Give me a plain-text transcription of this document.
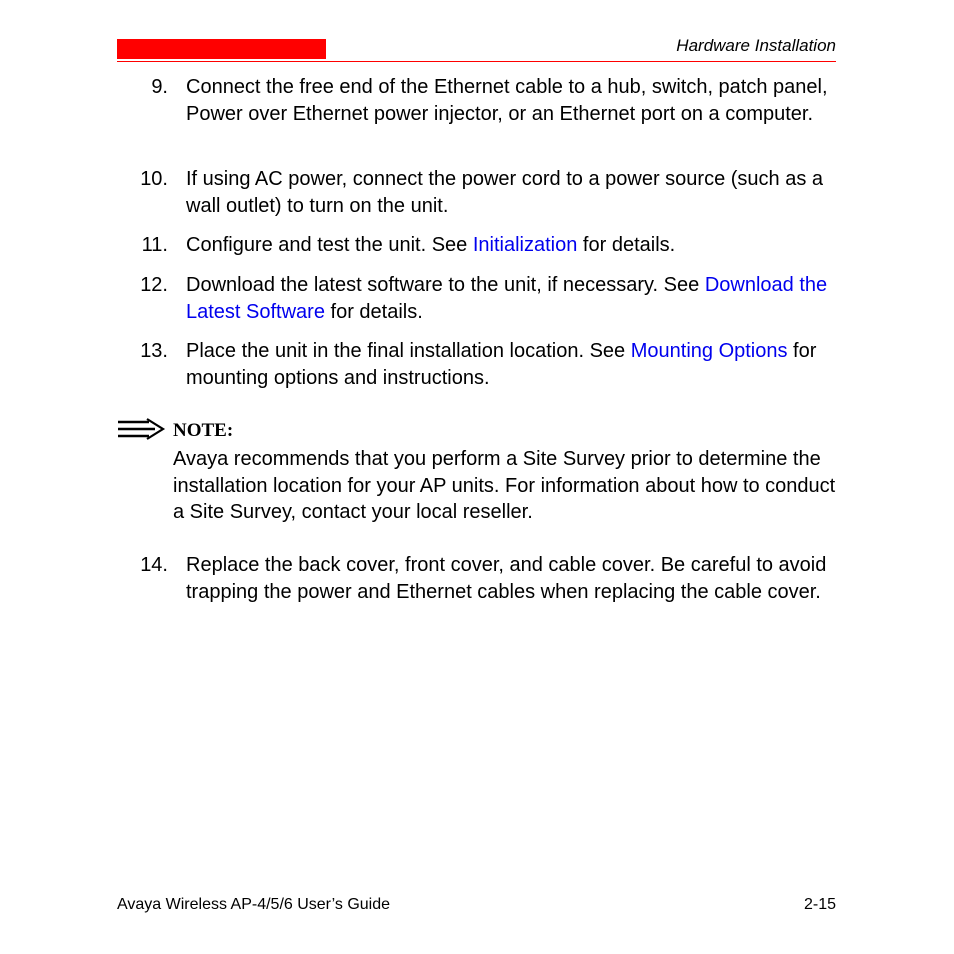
Hardware Installation
9. Connect the free end of the Ethernet cable to a hub, switch, patch panel, Power over Ethernet power injector, or an Ethernet port on a computer.
10. If using AC power, connect the power cord to a power source (such as a wall outlet) to turn on the unit.
11. Configure and test the unit. See Initialization for details.
12. Download the latest software to the unit, if necessary. See Download the Latest Software for details.
13. Place the unit in the final installation location. See Mounting Options for mounting options and instructions.
NOTE:
Avaya recommends that you perform a Site Survey prior to determine the installation location for your AP units. For information about how to conduct a Site Survey, contact your local reseller.
14. Replace the back cover, front cover, and cable cover. Be careful to avoid trapping the power and Ethernet cables when replacing the cable cover.
Avaya Wireless AP-4/5/6 User’s Guide	2-15
